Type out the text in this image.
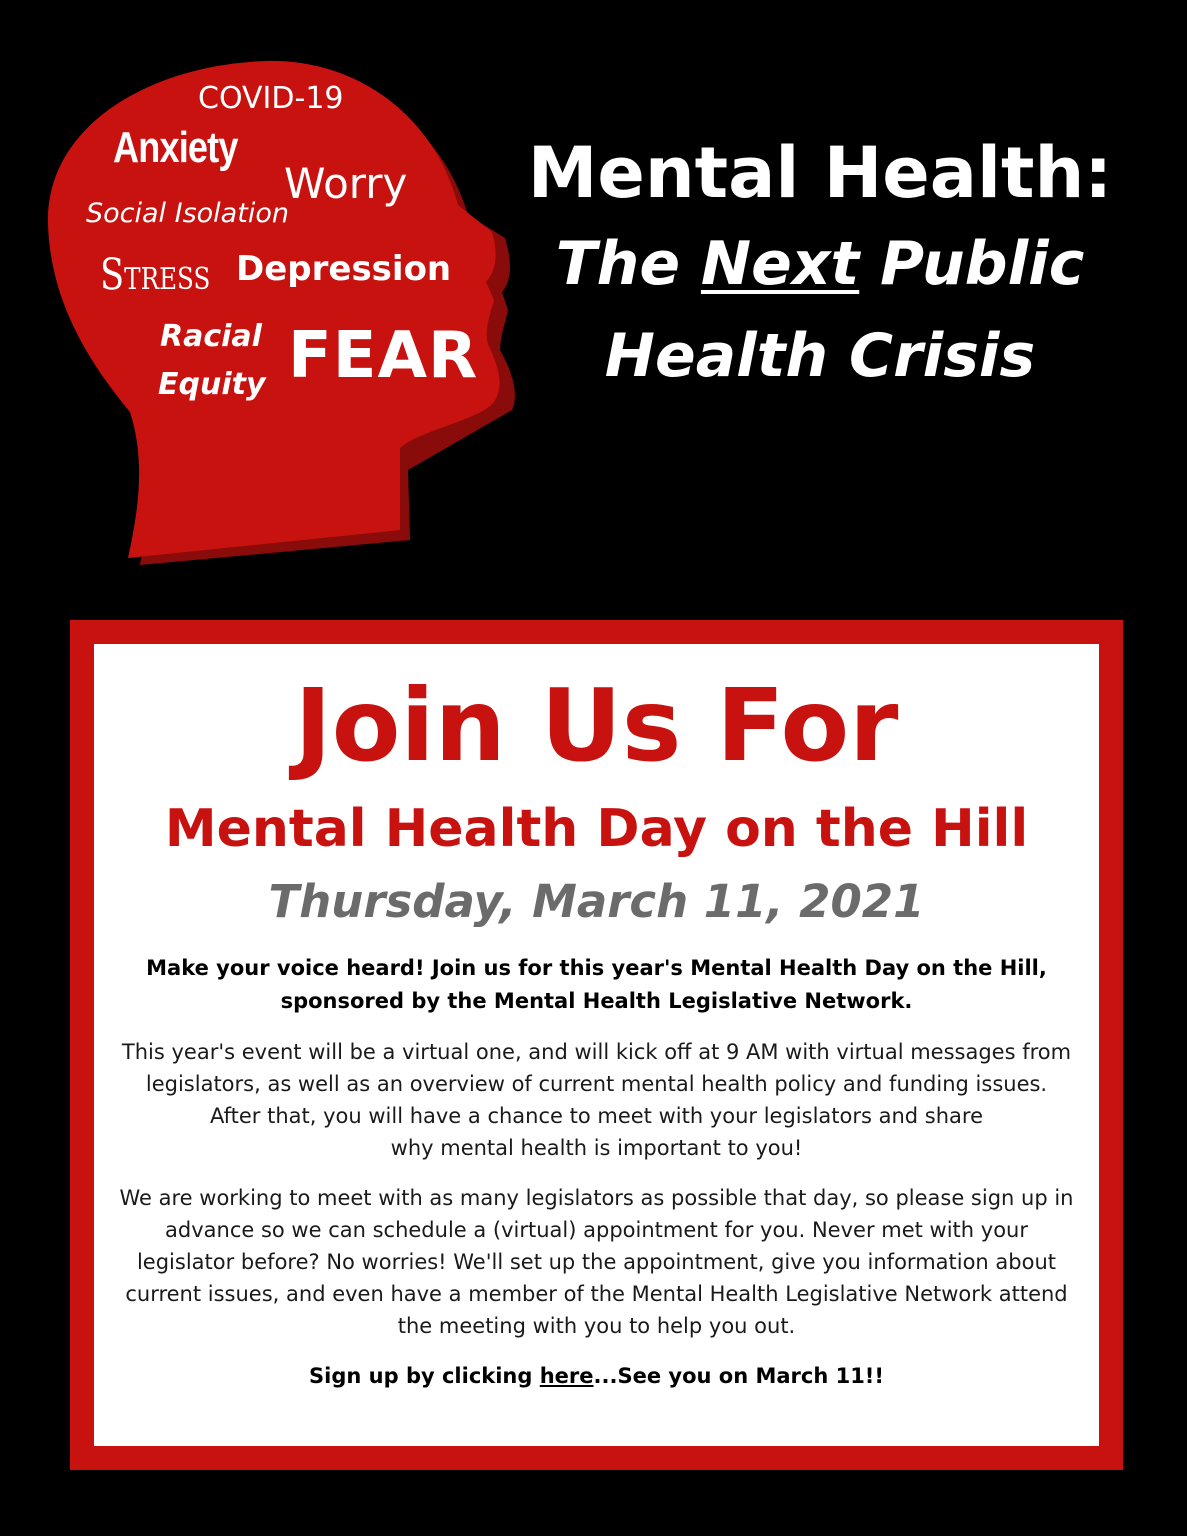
COVID-19
Anxiety
Worry
Social Isolation
Stress Depression
Racial
Equity FEAR
Mental Health:
The Next Public
Health Crisis
Join Us For
Mental Health Day on the Hill
Thursday, March 11, 2021

Make your voice heard! Join us for this year's Mental Health Day on the Hill,
sponsored by the Mental Health Legislative Network.

This year's event will be a virtual one, and will kick off at 9 AM with virtual messages from
legislators, as well as an overview of current mental health policy and funding issues.
After that, you will have a chance to meet with your legislators and share
why mental health is important to you!

We are working to meet with as many legislators as possible that day, so please sign up in
advance so we can schedule a (virtual) appointment for you. Never met with your
legislator before? No worries! We'll set up the appointment, give you information about
current issues, and even have a member of the Mental Health Legislative Network attend
the meeting with you to help you out.

Sign up by clicking here...See you on March 11!!
